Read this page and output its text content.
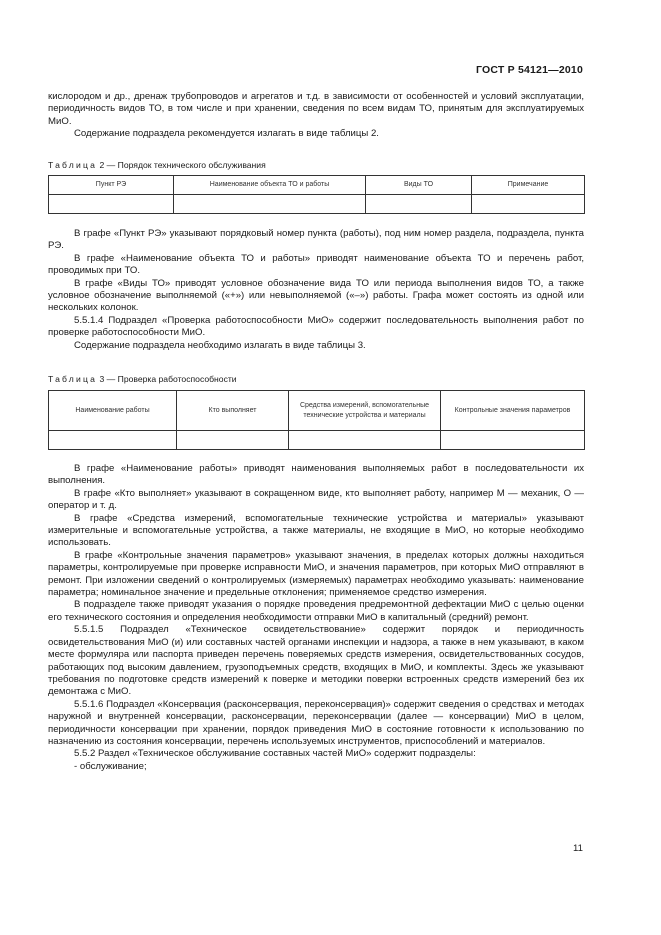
ГОСТ Р 54121—2010

кислородом и др., дренаж трубопроводов и агрегатов и т.д. в зависимости от особенностей и условий эксплуатации, периодичность видов ТО, в том числе и при хранении, сведения по всем видам ТО, принятым для эксплуатируемых МиО.

Содержание подраздела рекомендуется излагать в виде таблицы 2.

Таблица 2 — Порядок технического обслуживания
Пункт РЭ	Наименование объекта ТО и работы	Виды ТО	Примечание

В графе «Пункт РЭ» указывают порядковый номер пункта (работы), под ним номер раздела, подраздела, пункта РЭ.

В графе «Наименование объекта ТО и работы» приводят наименование объекта ТО и перечень работ, проводимых при ТО.

В графе «Виды ТО» приводят условное обозначение вида ТО или периода выполнения видов ТО, а также условное обозначение выполняемой («+») или невыполняемой («–») работы. Графа может состоять из одной или нескольких колонок.

5.5.1.4 Подраздел «Проверка работоспособности МиО» содержит последовательность выполнения работ по проверке работоспособности МиО.

Содержание подраздела необходимо излагать в виде таблицы 3.

Таблица 3 — Проверка работоспособности
Наименование работы	Кто выполняет	Средства измерений, вспомогательные технические устройства и материалы	Контрольные значения параметров

В графе «Наименование работы» приводят наименования выполняемых работ в последовательности их выполнения.

В графе «Кто выполняет» указывают в сокращенном виде, кто выполняет работу, например М — механик, О — оператор и т. д.

В графе «Средства измерений, вспомогательные технические устройства и материалы» указывают измерительные и вспомогательные устройства, а также материалы, не входящие в МиО, но которые необходимо использовать.

В графе «Контрольные значения параметров» указывают значения, в пределах которых должны находиться параметры, контролируемые при проверке исправности МиО, и значения параметров, при которых МиО отправляют в ремонт. При изложении сведений о контролируемых (измеряемых) параметрах необходимо указывать: наименование параметра; номинальное значение и предельные отклонения; применяемое средство измерения.

В подразделе также приводят указания о порядке проведения предремонтной дефектации МиО с целью оценки его технического состояния и определения необходимости отправки МиО в капитальный (средний) ремонт.

5.5.1.5 Подраздел «Техническое освидетельствование» содержит порядок и периодичность освидетельствования МиО (и) или составных частей органами инспекции и надзора, а также в нем указывают, в каком месте формуляра или паспорта приведен перечень поверяемых средств измерения, освидетельствованных сосудов, работающих под высоким давлением, грузоподъемных средств, входящих в МиО, и комплекты. Здесь же указывают требования по подготовке средств измерений к поверке и методики поверки встроенных средств измерений без их демонтажа с МиО.

5.5.1.6 Подраздел «Консервация (расконсервация, переконсервация)» содержит сведения о средствах и методах наружной и внутренней консервации, расконсервации, переконсервации (далее — консервации) МиО в целом, периодичности консервации при хранении, порядок приведения МиО в состояние готовности к использованию по назначению из состояния консервации, перечень используемых инструментов, приспособлений и материалов.

5.5.2 Раздел «Техническое обслуживание составных частей МиО» содержит подразделы:

- обслуживание;

11
